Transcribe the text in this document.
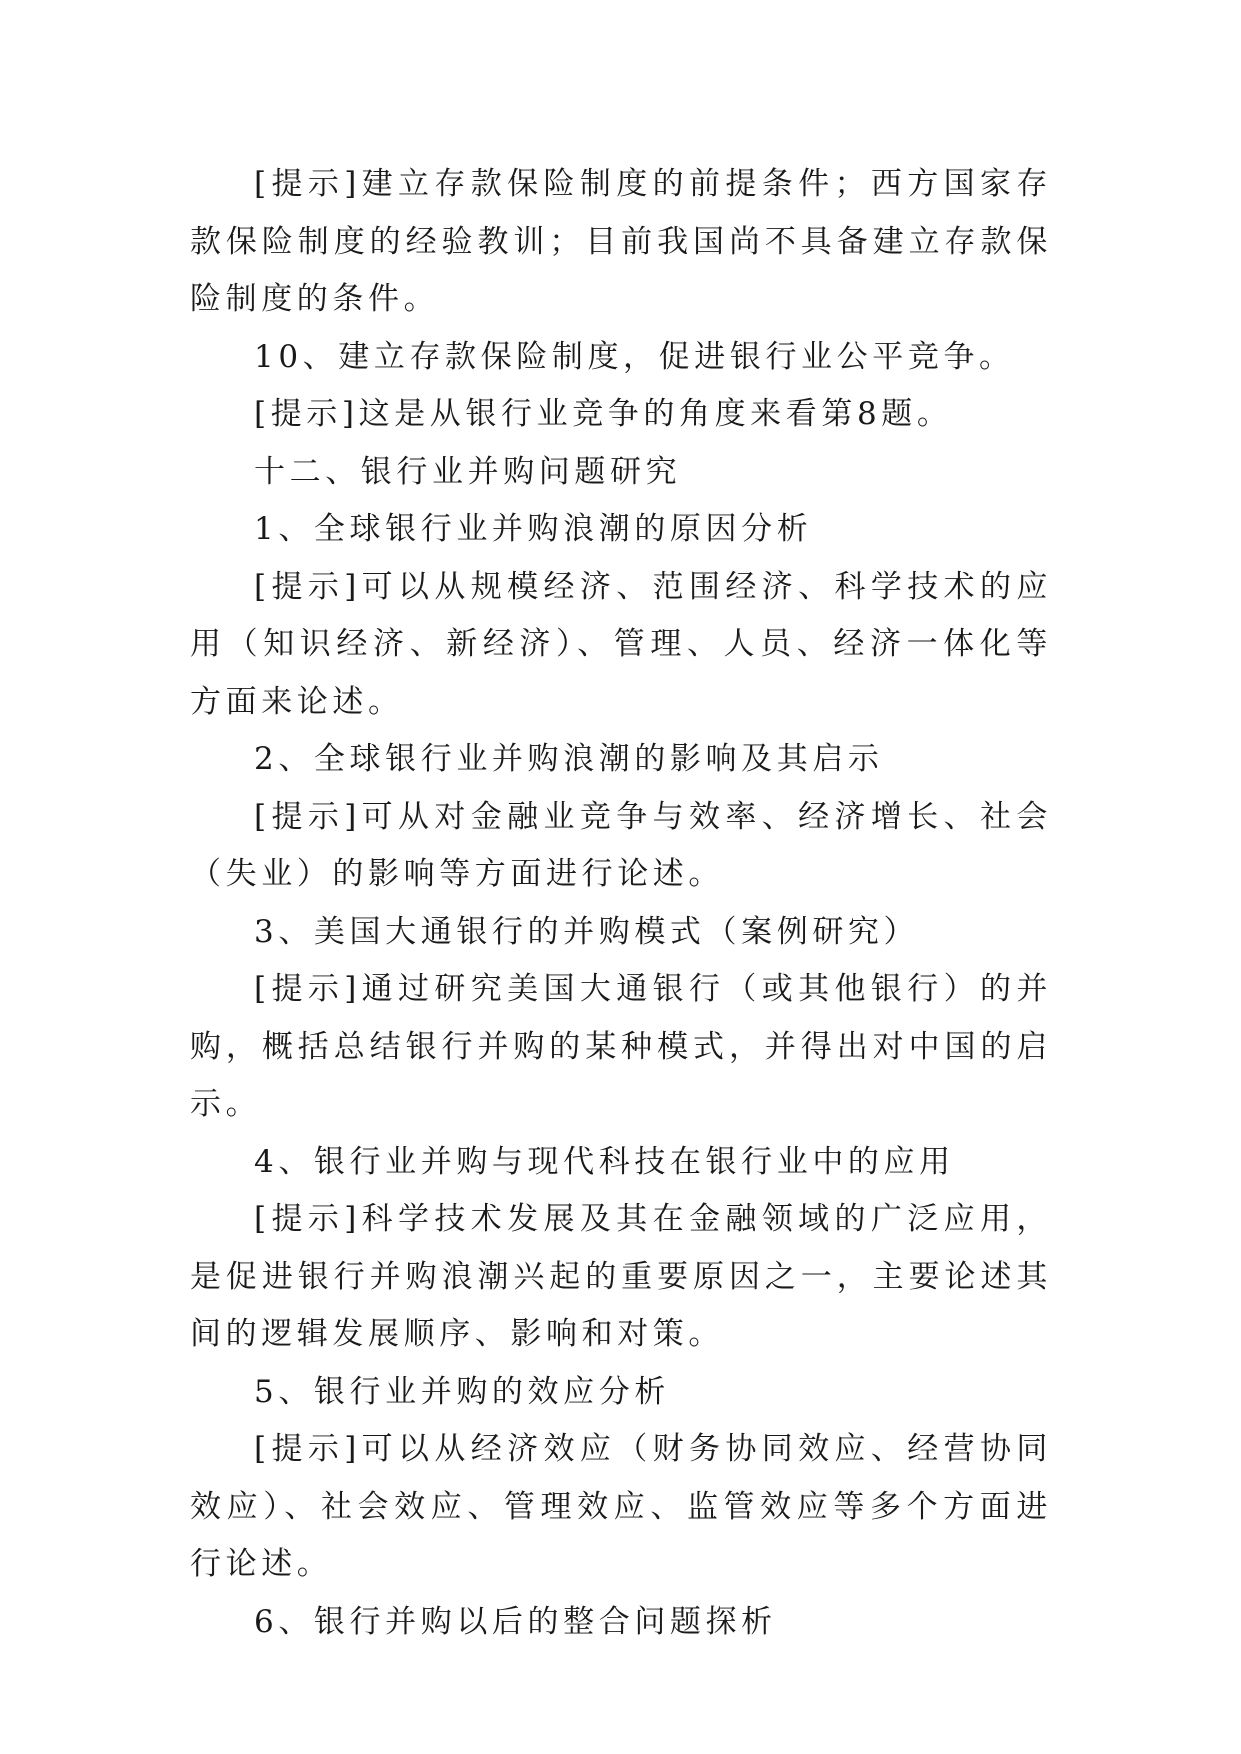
[提示]建立存款保险制度的前提条件；西方国家存款保险制度的经验教训；目前我国尚不具备建立存款保险制度的条件。

10、建立存款保险制度，促进银行业公平竞争。

[提示]这是从银行业竞争的角度来看第8题。

十二、银行业并购问题研究

1、全球银行业并购浪潮的原因分析

[提示]可以从规模经济、范围经济、科学技术的应用（知识经济、新经济）、管理、人员、经济一体化等方面来论述。

2、全球银行业并购浪潮的影响及其启示

[提示]可从对金融业竞争与效率、经济增长、社会（失业）的影响等方面进行论述。

3、美国大通银行的并购模式（案例研究）

[提示]通过研究美国大通银行（或其他银行）的并购，概括总结银行并购的某种模式，并得出对中国的启示。

4、银行业并购与现代科技在银行业中的应用

[提示]科学技术发展及其在金融领域的广泛应用，是促进银行并购浪潮兴起的重要原因之一，主要论述其间的逻辑发展顺序、影响和对策。

5、银行业并购的效应分析

[提示]可以从经济效应（财务协同效应、经营协同效应）、社会效应、管理效应、监管效应等多个方面进行论述。

6、银行并购以后的整合问题探析
